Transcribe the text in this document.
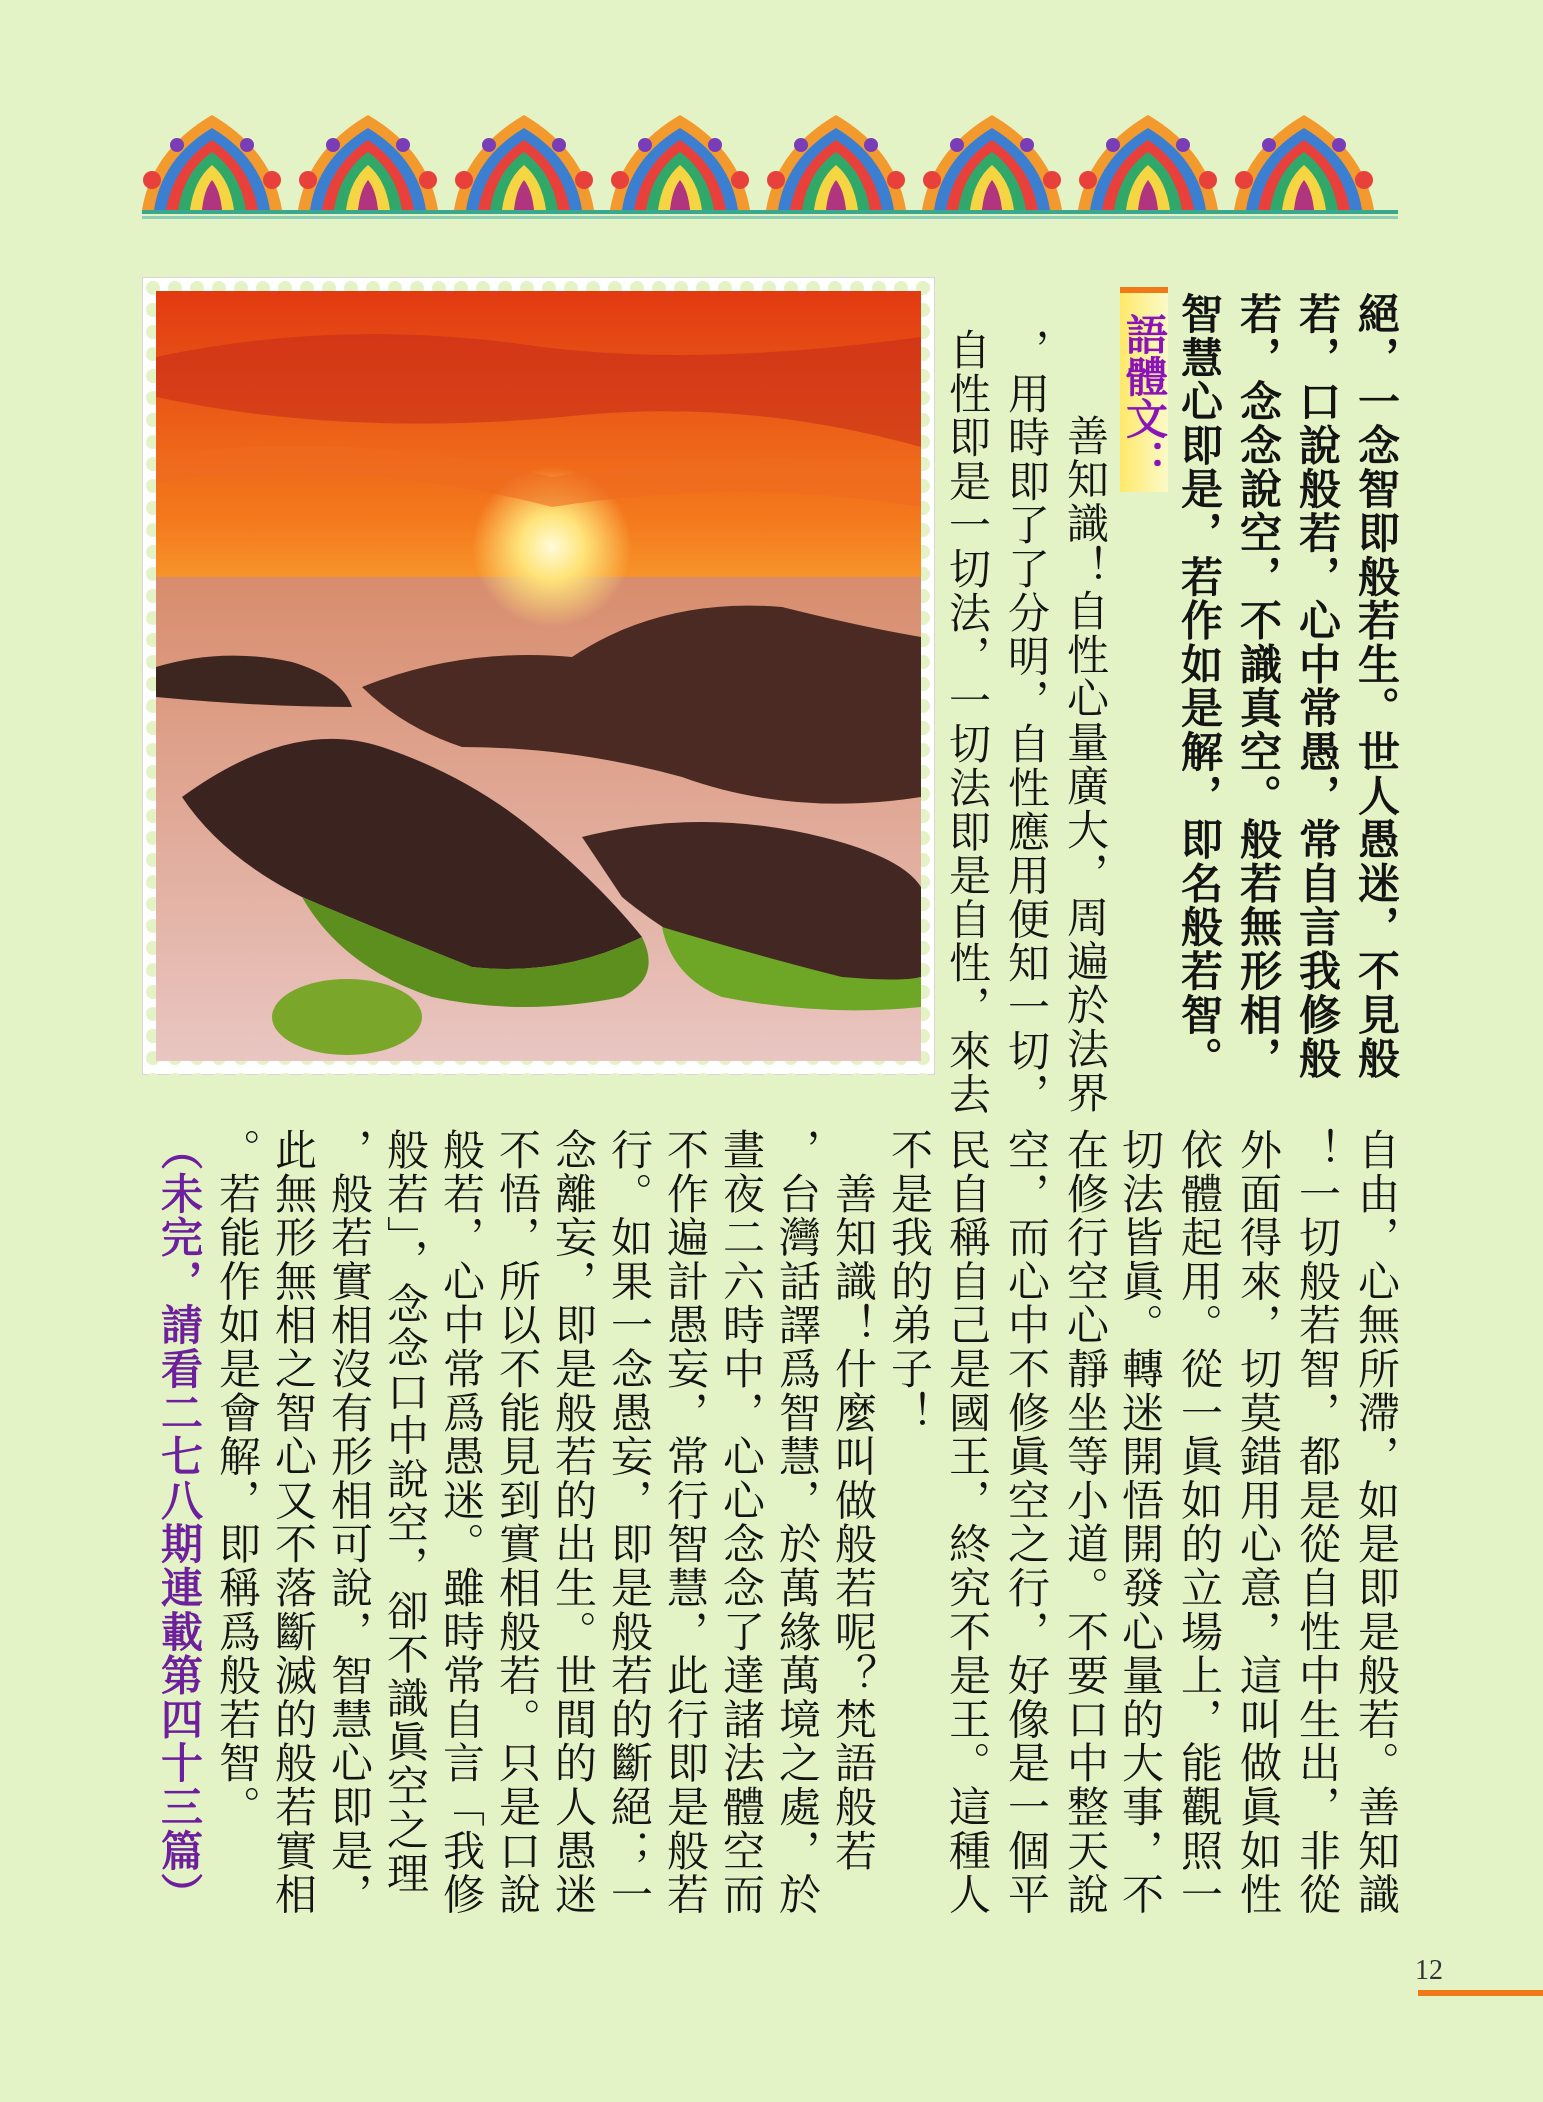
絕，一念智即般若生。世人愚迷，不見般
若，口說般若，心中常愚，常自言我修般
若，念念說空，不識真空。般若無形相，
智慧心即是，若作如是解，即名般若智。
語體文：
　善知識！自性心量廣大，周遍於法界
，用時即了了分明，自性應用便知一切，
自性即是一切法，一切法即是自性，來去
自由，心無所滯，如是即是般若。善知識
！一切般若智，都是從自性中生出，非從
外面得來，切莫錯用心意，這叫做眞如性
依體起用。從一眞如的立場上，能觀照一
切法皆眞。轉迷開悟開發心量的大事，不
在修行空心靜坐等小道。不要口中整天說
空，而心中不修眞空之行，好像是一個平
民自稱自己是國王，終究不是王。這種人
不是我的弟子！
　善知識！什麼叫做般若呢？梵語般若
，台灣話譯爲智慧，於萬緣萬境之處，於
晝夜二六時中，心心念念了達諸法體空而
不作遍計愚妄，常行智慧，此行即是般若
行。如果一念愚妄，即是般若的斷絕；一
念離妄，即是般若的出生。世間的人愚迷
不悟，所以不能見到實相般若。只是口說
般若，心中常爲愚迷。雖時常自言「我修
般若」，念念口中說空，卻不識眞空之理
，般若實相沒有形相可說，智慧心即是，
此無形無相之智心又不落斷滅的般若實相
。若能作如是會解，即稱爲般若智。
（未完，請看二七八期連載第四十三篇）
12
